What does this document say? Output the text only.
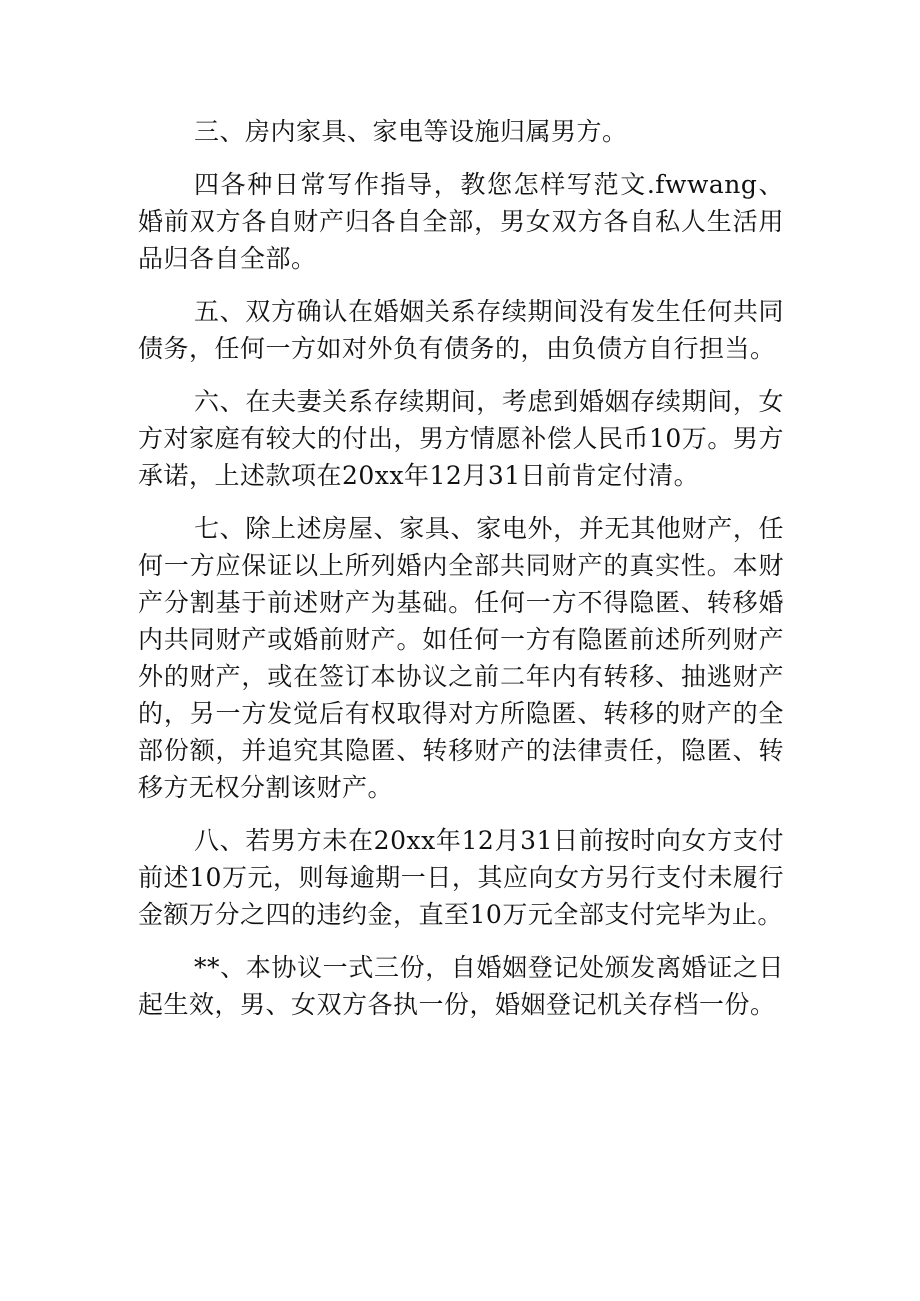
三、房内家具、家电等设施归属男方。

四各种日常写作指导，教您怎样写范文.fwwang、婚前双方各自财产归各自全部，男女双方各自私人生活用品归各自全部。

五、双方确认在婚姻关系存续期间没有发生任何共同债务，任何一方如对外负有债务的，由负债方自行担当。

六、在夫妻关系存续期间，考虑到婚姻存续期间，女方对家庭有较大的付出，男方情愿补偿人民币10万。男方承诺，上述款项在20xx年12月31日前肯定付清。

七、除上述房屋、家具、家电外，并无其他财产，任何一方应保证以上所列婚内全部共同财产的真实性。本财产分割基于前述财产为基础。任何一方不得隐匿、转移婚内共同财产或婚前财产。如任何一方有隐匿前述所列财产外的财产，或在签订本协议之前二年内有转移、抽逃财产的，另一方发觉后有权取得对方所隐匿、转移的财产的全部份额，并追究其隐匿、转移财产的法律责任，隐匿、转移方无权分割该财产。

八、若男方未在20xx年12月31日前按时向女方支付前述10万元，则每逾期一日，其应向女方另行支付未履行金额万分之四的违约金，直至10万元全部支付完毕为止。

**、本协议一式三份，自婚姻登记处颁发离婚证之日起生效，男、女双方各执一份，婚姻登记机关存档一份。
